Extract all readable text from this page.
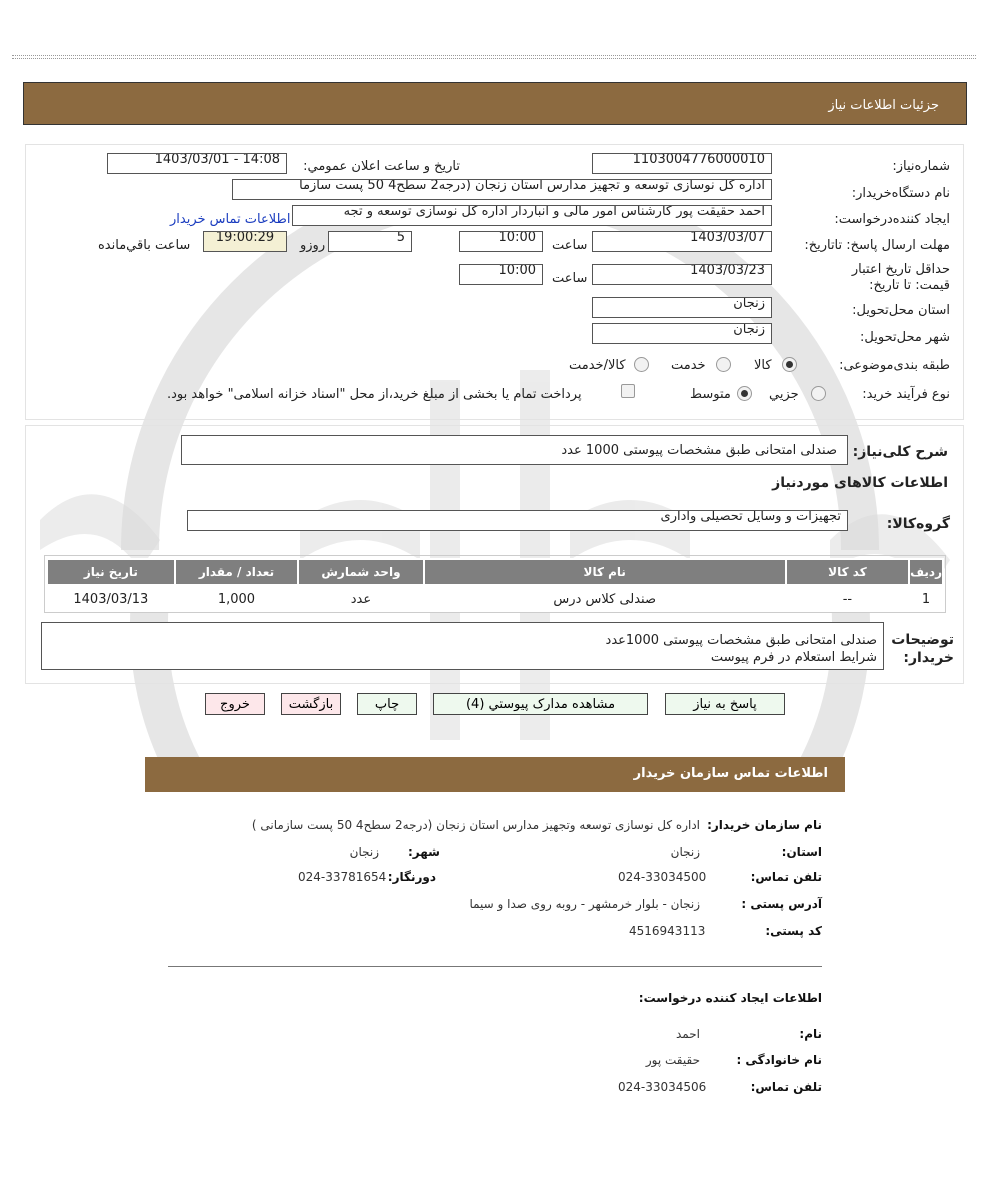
جزئيات اطلاعات نیاز
شماره‌نیاز:
1103004776000010
تاريخ و ساعت اعلان عمومي:
1403/03/01 - 14:08
نام دستگاه‌خريدار:
اداره کل نوسازی توسعه و تجهیز مدارس استان زنجان (درجه2 سطح4 50 پست سازما
ايجاد کننده‌درخواست:
احمد حقیقت پور کارشناس امور مالی و انباردار اداره کل نوسازی توسعه و تجه
اطلاعات تماس خريدار
مهلت ارسال پاسخ: تاتاريخ:
1403/03/07
ساعت
10:00
5
روزو
19:00:29
ساعت باقي‌مانده
حداقل تاريخ اعتبار قيمت: تا تاريخ:
1403/03/23
ساعت
10:00
استان محل‌تحويل:
زنجان
شهر محل‌تحويل:
زنجان
طبقه بندی‌موضوعی:
کالا
خدمت
کالا/خدمت
نوع فرآيند خريد:
جزيي
متوسط
پرداخت تمام يا بخشی از مبلغ خريد،از محل "اسناد خزانه اسلامی" خواهد بود.
شرح کلی‌نياز:
صندلی امتحانی طبق مشخصات پیوستی 1000 عدد
اطلاعات کالاهای مورد‌نياز
گروه‌کالا:
تجهیزات و وسایل تحصیلی واداری
رديف	کد کالا	نام کالا	واحد شمارش	تعداد / مقدار	تاريخ نياز
1	--	صندلی کلاس درس	عدد	1,000	1403/03/13
توضيحات خريدار:
صندلی امتحانی طبق مشخصات پیوستی 1000عدد
شرایط استعلام در فرم پیوست
پاسخ به نياز
مشاهده مدارک پیوستي (4)
چاپ
بازگشت
خروج
اطلاعات تماس سازمان خریدار
نام سازمان خریدار:
اداره کل نوسازی توسعه وتجهیز مدارس استان زنجان (درجه2 سطح4 50 پست سازمانی )
استان:
زنجان
شهر:
زنجان
تلفن تماس:
024-33034500
دورنگار:
024-33781654
آدرس پستی :
زنجان - بلوار خرمشهر - روبه روی صدا و سیما
کد پستی:
4516943113
اطلاعات ایجاد کننده درخواست:
نام:
احمد
نام خانوادگی :
حقیقت پور
تلفن تماس:
024-33034506
